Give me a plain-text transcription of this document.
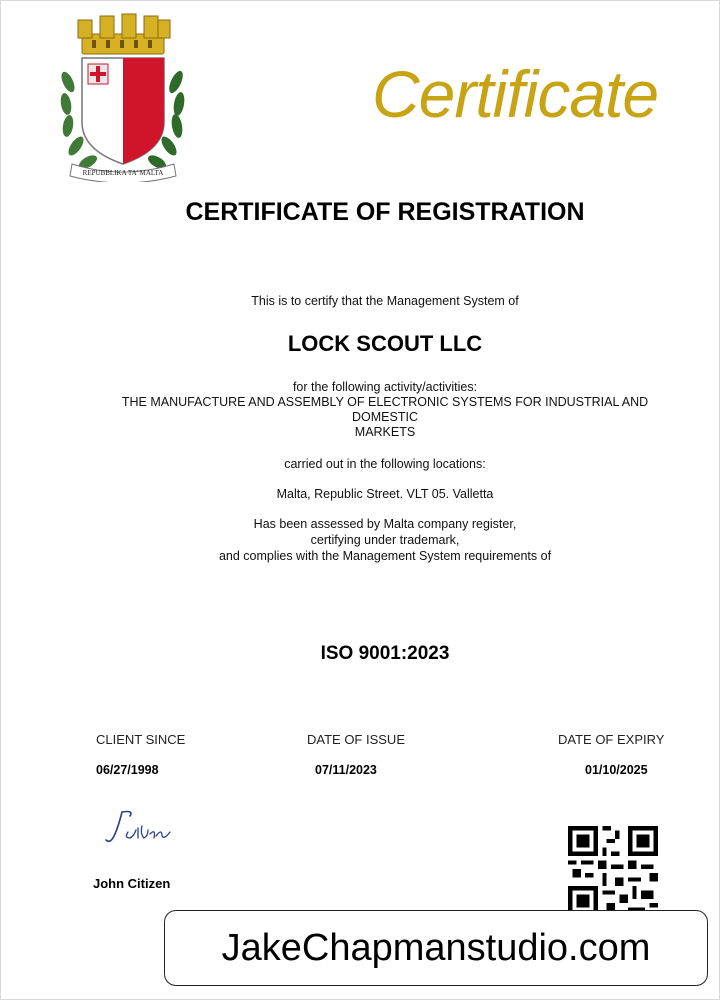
REPUBBLIKA TA' MALTA
Certificate
CERTIFICATE OF REGISTRATION
This is to certify that the Management System of
LOCK SCOUT LLC
for the following activity/activities:
THE MANUFACTURE AND ASSEMBLY OF ELECTRONIC SYSTEMS FOR INDUSTRIAL AND
DOMESTIC
MARKETS
carried out in the following locations:
Malta, Republic Street. VLT 05. Valletta
Has been assessed by Malta company register,
certifying under trademark,
and complies with the Management System requirements of
ISO 9001:2023
CLIENT SINCE	DATE OF ISSUE	DATE OF EXPIRY
06/27/1998	07/11/2023	01/10/2025
John Citizen
JakeChapmanstudio.com
